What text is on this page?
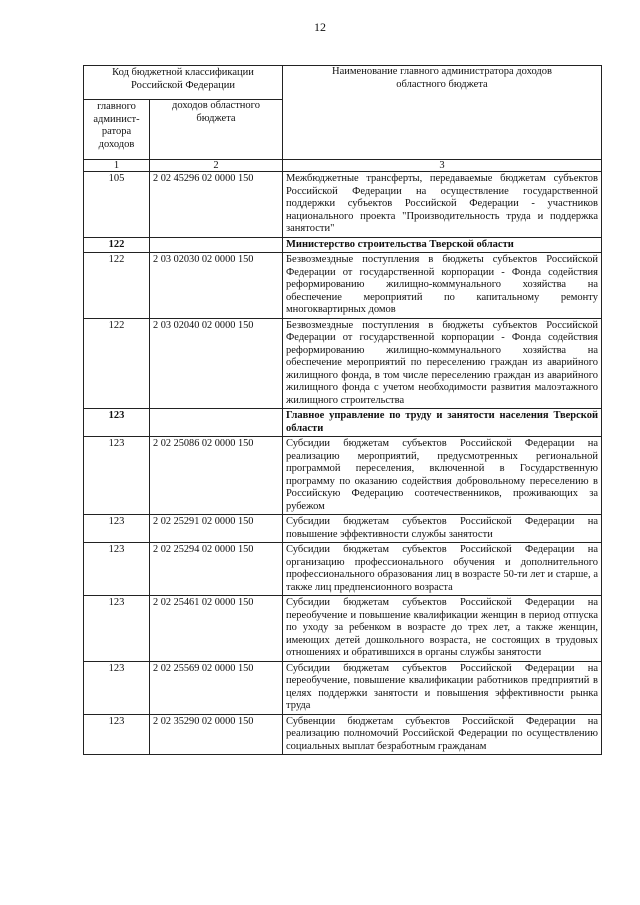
12
Код бюджетной классификации Российской Федерации		Наименование главного администратора доходов областного бюджета
главного админист-ратора доходов	доходов областного бюджета	
1	2	3
105	2 02 45296 02 0000 150	Межбюджетные трансферты, передаваемые бюджетам субъектов Российской Федерации на осуществление государственной поддержки субъектов Российской Федерации - участников национального проекта "Производительность труда и поддержка занятости"
122		Министерство строительства Тверской области
122	2 03 02030 02 0000 150	Безвозмездные поступления в бюджеты субъектов Российской Федерации от государственной корпорации - Фонда содействия реформированию жилищно-коммунального хозяйства на обеспечение мероприятий по капитальному ремонту многоквартирных домов
122	2 03 02040 02 0000 150	Безвозмездные поступления в бюджеты субъектов Российской Федерации от государственной корпорации - Фонда содействия реформированию жилищно-коммунального хозяйства на обеспечение мероприятий по переселению граждан из аварийного жилищного фонда, в том числе переселению граждан из аварийного жилищного фонда с учетом необходимости развития малоэтажного жилищного строительства
123		Главное управление по труду и занятости населения Тверской области
123	2 02 25086 02 0000 150	Субсидии бюджетам субъектов Российской Федерации на реализацию мероприятий, предусмотренных региональной программой переселения, включенной в Государственную программу по оказанию содействия добровольному переселению в Российскую Федерацию соотечественников, проживающих за рубежом
123	2 02 25291 02 0000 150	Субсидии бюджетам субъектов Российской Федерации на повышение эффективности службы занятости
123	2 02 25294 02 0000 150	Субсидии бюджетам субъектов Российской Федерации на организацию профессионального обучения и дополнительного профессионального образования лиц в возрасте 50-ти лет и старше, а также лиц предпенсионного возраста
123	2 02 25461 02 0000 150	Субсидии бюджетам субъектов Российской Федерации на переобучение и повышение квалификации женщин в период отпуска по уходу за ребенком в возрасте до трех лет, а также женщин, имеющих детей дошкольного возраста, не состоящих в трудовых отношениях и обратившихся в органы службы занятости
123	2 02 25569 02 0000 150	Субсидии бюджетам субъектов Российской Федерации на переобучение, повышение квалификации работников предприятий в целях поддержки занятости и повышения эффективности рынка труда
123	2 02 35290 02 0000 150	Субвенции бюджетам субъектов Российской Федерации на реализацию полномочий Российской Федерации по осуществлению социальных выплат безработным гражданам
